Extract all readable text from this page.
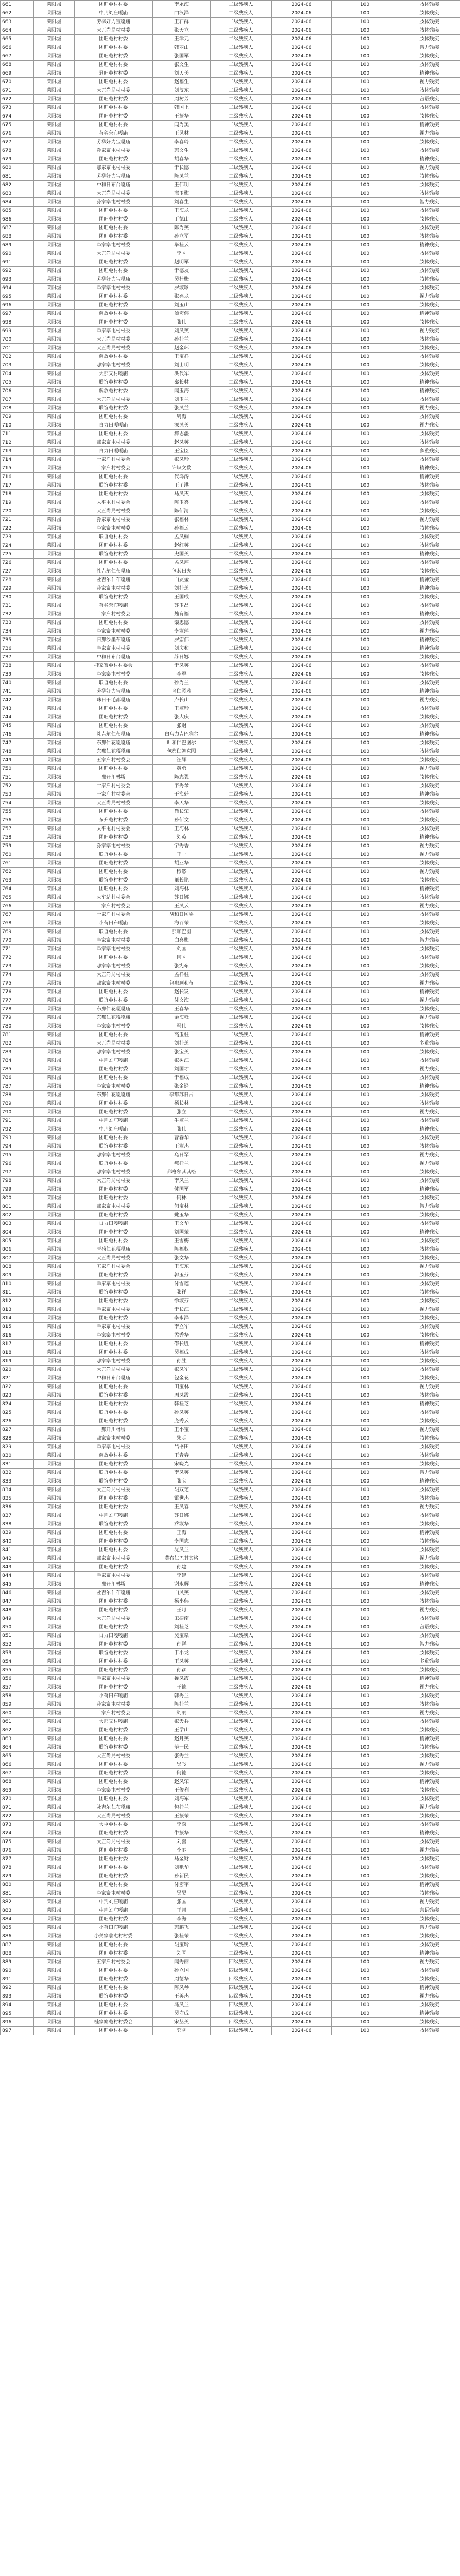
661	莱阳城	团旺屯村村委	李永海	二级残疾人	2024-06	100	肢体残疾
662	莱阳城	中荆刘庄嘎庙	曲汉泽	二级残疾人	2024-06	100	肢体残疾
663	莱阳城	芳柳好力宝嘎庙	王石群	二级残疾人	2024-06	100	肢体残疾
664	莱阳城	大五尚局村村委	张天立	二级残疾人	2024-06	100	肢体残疾
665	莱阳城	团旺屯村村委	王津元	二级残疾人	2024-06	100	肢体残疾
666	莱阳城	团旺屯村村委	韩丽山	二级残疾人	2024-06	100	智力残疾
667	莱阳城	团旺屯村村委	张国军	二级残疾人	2024-06	100	肢体残疾
668	莱阳城	团旺屯村村委	张文生	二级残疾人	2024-06	100	肢体残疾
669	莱阳城	冠旺屯村村委	刘天美	二级残疾人	2024-06	100	精神残疾
670	莱阳城	团旺屯村村委	赵福生	二级残疾人	2024-06	100	视力残疾
671	莱阳城	大五尚局村村委	刘汉东	二级残疾人	2024-06	100	肢体残疾
672	莱阳城	团旺屯村村委	周树芳	二级残疾人	2024-06	100	言语残疾
673	莱阳城	团旺屯村村委	韩国上	二级残疾人	2024-06	100	肢体残疾
674	莱阳城	团旺屯村村委	王振华	二级残疾人	2024-06	100	肢体残疾
675	莱阳城	团旺屯村村委	闫秀美	二级残疾人	2024-06	100	精神残疾
676	莱阳城	荷谷套布嘎庙	王风林	二级残疾人	2024-06	100	视力残疾
677	莱阳城	芳柳好力宝嘎庙	李春玲	二级残疾人	2024-06	100	肢体残疾
678	莱阳城	孙家寨屯村村委	郭文生	二级残疾人	2024-06	100	肢体残疾
679	莱阳城	团旺屯村村委	胡春华	二级残疾人	2024-06	100	精神残疾
680	莱阳城	那家寨屯村村委	于长德	二级残疾人	2024-06	100	视力残疾
681	莱阳城	芳柳好力宝嘎庙	陈凤兰	二级残疾人	2024-06	100	肢体残疾
682	莱阳城	中和日布台嘎庙	王伟明	二级残疾人	2024-06	100	肢体残疾
683	莱阳城	大五尚局村村委	邢玉梅	二级残疾人	2024-06	100	肢体残疾
684	莱阳城	孙家寨屯村村委	刘春生	二级残疾人	2024-06	100	智力残疾
685	莱阳城	团旺屯村村委	王海龙	二级残疾人	2024-06	100	肢体残疾
686	莱阳城	团旺屯村村委	于德山	二级残疾人	2024-06	100	肢体残疾
687	莱阳城	团旺屯村村委	陈秀英	二级残疾人	2024-06	100	肢体残疾
688	莱阳城	团旺屯村村委	孙立军	二级残疾人	2024-06	100	肢体残疾
689	莱阳城	阜家寨屯村村委	毕桂云	二级残疾人	2024-06	100	精神残疾
690	莱阳城	大五尚局村村委	李国	二级残疾人	2024-06	100	肢体残疾
691	莱阳城	团旺屯村村委	赵明军	二级残疾人	2024-06	100	肢体残疾
692	莱阳城	团旺屯村村委	于德友	二级残疾人	2024-06	100	肢体残疾
693	莱阳城	芳柳好力宝嘎庙	吴桂梅	二级残疾人	2024-06	100	肢体残疾
694	莱阳城	阜家寨屯村村委	罗淑珍	二级残疾人	2024-06	100	肢体残疾
695	莱阳城	团旺屯村村委	张兴龙	二级残疾人	2024-06	100	视力残疾
696	莱阳城	团旺屯村村委	刘玉山	二级残疾人	2024-06	100	肢体残疾
697	莱阳城	解放屯村村委	侯宏伟	二级残疾人	2024-06	100	精神残疾
698	莱阳城	团旺屯村村委	张伟	二级残疾人	2024-06	100	肢体残疾
699	莱阳城	阜家寨屯村村委	刘凤英	二级残疾人	2024-06	100	视力残疾
700	莱阳城	大五尚局村村委	孙桂兰	二级残疾人	2024-06	100	肢体残疾
701	莱阳城	大五尚局村村委	赵金环	二级残疾人	2024-06	100	肢体残疾
702	莱阳城	解放屯村村委	王宝祥	二级残疾人	2024-06	100	肢体残疾
703	莱阳城	那家寨屯村村委	刘士明	二级残疾人	2024-06	100	肢体残疾
704	莱阳城	大那艾村嘎庙	洪代军	二级残疾人	2024-06	100	肢体残疾
705	莱阳城	联谊屯村村委	秦长林	二级残疾人	2024-06	100	精神残疾
706	莱阳城	解放屯村村委	闫玉海	二级残疾人	2024-06	100	精神残疾
707	莱阳城	大五尚局村村委	刘玉兰	二级残疾人	2024-06	100	肢体残疾
708	莱阳城	联谊屯村村委	张凤兰	二级残疾人	2024-06	100	视力残疾
709	莱阳城	团旺屯村村委	周海	二级残疾人	2024-06	100	肢体残疾
710	莱阳城	白力日嘎嘎庙	漆凤英	二级残疾人	2024-06	100	视力残疾
711	莱阳城	团旺屯村村委	郝志疆	二级残疾人	2024-06	100	肢体残疾
712	莱阳城	那家寨屯村村委	赵凤英	二级残疾人	2024-06	100	肢体残疾
713	莱阳城	白力日嘎嘎庙	王宝臣	二级残疾人	2024-06	100	多重残疾
714	莱阳城	十家户村村委会	张凤珍	二级残疾人	2024-06	100	肢体残疾
715	莱阳城	十家户村村委会	许缺文数	二级残疾人	2024-06	100	精神残疾
716	莱阳城	团旺屯村村委	代鸿涛	二级残疾人	2024-06	100	精神残疾
717	莱阳城	联谊屯村村委	王子洪	二级残疾人	2024-06	100	肢体残疾
718	莱阳城	团旺屯村村委	马凤杰	二级残疾人	2024-06	100	肢体残疾
719	莱阳城	太平屯村村委会	陈玉喜	二级残疾人	2024-06	100	肢体残疾
720	莱阳城	大五尚局村村委	陈佰清	二级残疾人	2024-06	100	肢体残疾
721	莱阳城	孙家寨屯村村委	张福林	二级残疾人	2024-06	100	视力残疾
722	莱阳城	阜家寨屯村村委	孙福云	二级残疾人	2024-06	100	肢体残疾
723	莱阳城	联谊屯村村委	孟凤桐	二级残疾人	2024-06	100	肢体残疾
724	莱阳城	团旺屯村村委	赵红英	二级残疾人	2024-06	100	肢体残疾
725	莱阳城	联谊屯村村委	史国英	二级残疾人	2024-06	100	精神残疾
726	莱阳城	团旺屯村村委	孟凤芹	二级残疾人	2024-06	100	肢体残疾
727	莱阳城	社吉尔仁布嘎庙	包其日夫	二级残疾人	2024-06	100	肢体残疾
728	莱阳城	社吉尔仁布嘎庙	白友金	二级残疾人	2024-06	100	精神残疾
729	莱阳城	孙家寨屯村村委	刘桂芝	二级残疾人	2024-06	100	精神残疾
730	莱阳城	联谊屯村村委	王国成	二级残疾人	2024-06	100	肢体残疾
731	莱阳城	荷谷套布嘎庙	苏玉昌	二级残疾人	2024-06	100	肢体残疾
732	莱阳城	十家户村村委会	魏有福	二级残疾人	2024-06	100	精神残疾
733	莱阳城	团旺屯村村委	秦忠德	二级残疾人	2024-06	100	肢体残疾
734	莱阳城	阜家寨屯村村委	李淑萍	二级残疾人	2024-06	100	视力残疾
735	莱阳城	日那沙墨布嘎庙	罗宏伟	二级残疾人	2024-06	100	精神残疾
736	莱阳城	阜家寨屯村村委	刘庆和	二级残疾人	2024-06	100	精神残疾
737	莱阳城	中和日布台嘎庙	苏日娜	二级残疾人	2024-06	100	肢体残疾
738	莱阳城	桂家寨屯村村委会	于凤英	二级残疾人	2024-06	100	肢体残疾
739	莱阳城	阜家寨屯村村委	李军	二级残疾人	2024-06	100	肢体残疾
740	莱阳城	联谊屯村村委	孙秀兰	二级残疾人	2024-06	100	肢体残疾
741	莱阳城	芳柳好力宝嘎庙	乌仁图雅	二级残疾人	2024-06	100	精神残疾
742	莱阳城	珠日干毛都嘎庙	卢长山	二级残疾人	2024-06	100	视力残疾
743	莱阳城	团旺屯村村委	王淑珍	二级残疾人	2024-06	100	肢体残疾
744	莱阳城	团旺屯村村委	张大庆	二级残疾人	2024-06	100	肢体残疾
745	莱阳城	团旺屯村村委	张财	二级残疾人	2024-06	100	肢体残疾
746	莱阳城	社吉尔仁布嘎庙	白乌力吉巴雅尔	二级残疾人	2024-06	100	精神残疾
747	莱阳城	东那仁花嘎嘎庙	叶和仁巴图尔	二级残疾人	2024-06	100	肢体残疾
748	莱阳城	东那仁花嘎嘎庙	包都仁朝克图	二级残疾人	2024-06	100	肢体残疾
749	莱阳城	五家户村村委会	汪辉	二级残疾人	2024-06	100	肢体残疾
750	莱阳城	团旺屯村村委	黄勇	二级残疾人	2024-06	100	视力残疾
751	莱阳城	那开川林场	陈志强	二级残疾人	2024-06	100	肢体残疾
752	莱阳城	十家户村村委会	宇秀琴	二级残疾人	2024-06	100	肢体残疾
753	莱阳城	十家户村村委会	于海廷	二级残疾人	2024-06	100	精神残疾
754	莱阳城	大五尚局村村委	李天华	二级残疾人	2024-06	100	肢体残疾
755	莱阳城	团旺屯村村委	肖长荣	二级残疾人	2024-06	100	肢体残疾
756	莱阳城	东升屯村村委	孙佰文	二级残疾人	2024-06	100	肢体残疾
757	莱阳城	太平屯村村委会	王海林	二级残疾人	2024-06	100	肢体残疾
758	莱阳城	团旺屯村村委	刘英	二级残疾人	2024-06	100	精神残疾
759	莱阳城	孙家寨屯村村委	宇秀香	二级残疾人	2024-06	100	视力残疾
760	莱阳城	联谊屯村村委	王一	二级残疾人	2024-06	100	视力残疾
761	莱阳城	团旺屯村村委	胡亚华	二级残疾人	2024-06	100	肢体残疾
762	莱阳城	团旺屯村村委	穆然	二级残疾人	2024-06	100	视力残疾
763	莱阳城	联谊屯村村委	董长艳	二级残疾人	2024-06	100	肢体残疾
764	莱阳城	团旺屯村村委	刘海林	二级残疾人	2024-06	100	精神残疾
765	莱阳城	火车站村村委会	苏日娜	二级残疾人	2024-06	100	肢体残疾
766	莱阳城	十家户村村委会	王凤云	二级残疾人	2024-06	100	视力残疾
767	莱阳城	十家户村村委会	胡和日图鲁	二级残疾人	2024-06	100	肢体残疾
768	莱阳城	小荷日布嘎庙	海百荣	二级残疾人	2024-06	100	肢体残疾
769	莱阳城	联谊屯村村委	那顺巴图	二级残疾人	2024-06	100	肢体残疾
770	莱阳城	阜家寨屯村村委	白喜梅	二级残疾人	2024-06	100	智力残疾
771	莱阳城	阜家寨屯村村委	刘国	二级残疾人	2024-06	100	肢体残疾
772	莱阳城	团旺屯村村委	何国	二级残疾人	2024-06	100	肢体残疾
773	莱阳城	那家寨屯村村委	张宪东	二级残疾人	2024-06	100	肢体残疾
774	莱阳城	大五尚局村村委	孟祥柱	二级残疾人	2024-06	100	肢体残疾
775	莱阳城	那家寨屯村村委	包那顺和布	二级残疾人	2024-06	100	视力残疾
776	莱阳城	团旺屯村村委	赵长发	二级残疾人	2024-06	100	精神残疾
777	莱阳城	联谊屯村村委	付文海	二级残疾人	2024-06	100	视力残疾
778	莱阳城	东那仁花嘎嘎庙	王春华	二级残疾人	2024-06	100	肢体残疾
779	莱阳城	东那仁花嘎嘎庙	金海峰	二级残疾人	2024-06	100	视力残疾
780	莱阳城	阜家寨屯村村委	马伟	二级残疾人	2024-06	100	肢体残疾
781	莱阳城	团旺屯村村委	高玉柱	二级残疾人	2024-06	100	精神残疾
782	莱阳城	大五尚局村村委	刘桂芝	二级残疾人	2024-06	100	多重残疾
783	莱阳城	那家寨屯村村委	张宝英	二级残疾人	2024-06	100	肢体残疾
784	莱阳城	中荆刘庄嘎庙	张树江	二级残疾人	2024-06	100	肢体残疾
785	莱阳城	团旺屯村村委	刘国才	二级残疾人	2024-06	100	视力残疾
786	莱阳城	团旺屯村村委	于福成	二级残疾人	2024-06	100	肢体残疾
787	莱阳城	阜家寨屯村村委	张金铎	二级残疾人	2024-06	100	精神残疾
788	莱阳城	东那仁花嘎嘎庙	李都苏日古	二级残疾人	2024-06	100	肢体残疾
789	莱阳城	团旺屯村村委	杨长林	二级残疾人	2024-06	100	肢体残疾
790	莱阳城	团旺屯村村委	张立	二级残疾人	2024-06	100	视力残疾
791	莱阳城	中荆刘庄嘎庙	牛淑兰	二级残疾人	2024-06	100	肢体残疾
792	莱阳城	中荆刘庄嘎庙	张伟	二级残疾人	2024-06	100	精神残疾
793	莱阳城	团旺屯村村委	曹春华	二级残疾人	2024-06	100	肢体残疾
794	莱阳城	联谊屯村村委	王淑杰	二级残疾人	2024-06	100	肢体残疾
795	莱阳城	那家寨屯村村委	乌日罕	二级残疾人	2024-06	100	视力残疾
796	莱阳城	联谊屯村村委	郝桂兰	二级残疾人	2024-06	100	视力残疾
797	莱阳城	那家寨屯村村委	都格尔其其格	二级残疾人	2024-06	100	肢体残疾
798	莱阳城	大五尚局村村委	李凤兰	二级残疾人	2024-06	100	肢体残疾
799	莱阳城	团旺屯村村委	付国军	二级残疾人	2024-06	100	精神残疾
800	莱阳城	团旺屯村村委	何林	二级残疾人	2024-06	100	肢体残疾
801	莱阳城	那家寨屯村村委	何宝林	二级残疾人	2024-06	100	智力残疾
802	莱阳城	团旺屯村村委	姚玉华	二级残疾人	2024-06	100	肢体残疾
803	莱阳城	白力日嘎嘎庙	王文华	二级残疾人	2024-06	100	肢体残疾
804	莱阳城	团旺屯村村委	刘国荣	二级残疾人	2024-06	100	精神残疾
805	莱阳城	团旺屯村村委	王雪梅	二级残疾人	2024-06	100	肢体残疾
806	莱阳城	青荷仁花嘎嘎庙	陈福权	二级残疾人	2024-06	100	肢体残疾
807	莱阳城	大五尚局村村委	张文华	二级残疾人	2024-06	100	肢体残疾
808	莱阳城	五家户村村委会	王海东	二级残疾人	2024-06	100	视力残疾
809	莱阳城	团旺屯村村委	郭玉芬	二级残疾人	2024-06	100	肢体残疾
810	莱阳城	阜家寨屯村村委	付雪莲	二级残疾人	2024-06	100	肢体残疾
811	莱阳城	联谊屯村村委	张祥	二级残疾人	2024-06	100	肢体残疾
812	莱阳城	团旺屯村村委	徐淑芬	二级残疾人	2024-06	100	肢体残疾
813	莱阳城	阜家寨屯村村委	于长江	二级残疾人	2024-06	100	视力残疾
814	莱阳城	团旺屯村村委	李永泽	二级残疾人	2024-06	100	肢体残疾
815	莱阳城	阜家寨屯村村委	李立军	二级残疾人	2024-06	100	肢体残疾
816	莱阳城	阜家寨屯村村委	孟秀华	二级残疾人	2024-06	100	肢体残疾
817	莱阳城	团旺屯村村委	邵长胜	二级残疾人	2024-06	100	精神残疾
818	莱阳城	团旺屯村村委	吴福成	二级残疾人	2024-06	100	肢体残疾
819	莱阳城	那家寨屯村村委	孙胜	二级残疾人	2024-06	100	肢体残疾
820	莱阳城	大五尚局村村委	张凤军	二级残疾人	2024-06	100	肢体残疾
821	莱阳城	中和日布台嘎庙	包金花	二级残疾人	2024-06	100	肢体残疾
822	莱阳城	团旺屯村村委	田宝林	二级残疾人	2024-06	100	视力残疾
823	莱阳城	联谊屯村村委	周凤霞	二级残疾人	2024-06	100	肢体残疾
824	莱阳城	团旺屯村村委	韩桂芝	二级残疾人	2024-06	100	精神残疾
825	莱阳城	联谊屯村村委	孙凤英	二级残疾人	2024-06	100	肢体残疾
826	莱阳城	团旺屯村村委	庞秀云	二级残疾人	2024-06	100	肢体残疾
827	莱阳城	那开川林场	王小宝	二级残疾人	2024-06	100	视力残疾
828	莱阳城	那家寨屯村村委	朱明	二级残疾人	2024-06	100	肢体残疾
829	莱阳城	阜家寨屯村村委	吕书田	二级残疾人	2024-06	100	肢体残疾
830	莱阳城	解放屯村村委	王青春	二级残疾人	2024-06	100	肢体残疾
831	莱阳城	团旺屯村村委	宋晓光	二级残疾人	2024-06	100	肢体残疾
832	莱阳城	联谊屯村村委	李凤英	二级残疾人	2024-06	100	智力残疾
833	莱阳城	联谊屯村村委	张宝	二级残疾人	2024-06	100	精神残疾
834	莱阳城	大五尚局村村委	胡双芝	二级残疾人	2024-06	100	肢体残疾
835	莱阳城	团旺屯村村委	霍世杰	二级残疾人	2024-06	100	肢体残疾
836	莱阳城	团旺屯村村委	王凤春	二级残疾人	2024-06	100	视力残疾
837	莱阳城	中荆刘庄嘎庙	苏日娜	二级残疾人	2024-06	100	肢体残疾
838	莱阳城	联谊屯村村委	乔淑华	二级残疾人	2024-06	100	肢体残疾
839	莱阳城	团旺屯村村委	王海	二级残疾人	2024-06	100	精神残疾
840	莱阳城	团旺屯村村委	李国志	二级残疾人	2024-06	100	肢体残疾
841	莱阳城	团旺屯村村委	沈凤兰	二级残疾人	2024-06	100	肢体残疾
842	莱阳城	那家寨屯村村委	黄布仁巴其其格	二级残疾人	2024-06	100	视力残疾
843	莱阳城	团旺屯村村委	孙建	二级残疾人	2024-06	100	肢体残疾
844	莱阳城	阜家寨屯村村委	李建	二级残疾人	2024-06	100	肢体残疾
845	莱阳城	那开川林场	谢永辉	二级残疾人	2024-06	100	精神残疾
846	莱阳城	社吉尔仁布嘎庙	白风英	二级残疾人	2024-06	100	肢体残疾
847	莱阳城	团旺屯村村委	杨小伟	二级残疾人	2024-06	100	肢体残疾
848	莱阳城	团旺屯村村委	王月	二级残疾人	2024-06	100	视力残疾
849	莱阳城	大五尚局村村委	宋振南	二级残疾人	2024-06	100	肢体残疾
850	莱阳城	团旺屯村村委	刘桂芝	二级残疾人	2024-06	100	言语残疾
851	莱阳城	白力日嘎嘎庙	吴宝泉	二级残疾人	2024-06	100	肢体残疾
852	莱阳城	团旺屯村村委	孙鹏	二级残疾人	2024-06	100	智力残疾
853	莱阳城	联谊屯村村委	于小龙	二级残疾人	2024-06	100	肢体残疾
854	莱阳城	团旺屯村村委	王凤英	二级残疾人	2024-06	100	多重残疾
855	莱阳城	团旺屯村村委	孙颖	二级残疾人	2024-06	100	肢体残疾
856	莱阳城	阜家寨屯村村委	鲁凤霞	二级残疾人	2024-06	100	精神残疾
857	莱阳城	团旺屯村村委	王德	二级残疾人	2024-06	100	视力残疾
858	莱阳城	小荷日布嘎庙	韩秀兰	二级残疾人	2024-06	100	肢体残疾
859	莱阳城	孙家寨屯村村委	陈桂兰	二级残疾人	2024-06	100	肢体残疾
860	莱阳城	十家户村村委会	刘丽	二级残疾人	2024-06	100	视力残疾
861	莱阳城	大那艾村嘎庙	张天兵	二级残疾人	2024-06	100	肢体残疾
862	莱阳城	团旺屯村村委	王学山	二级残疾人	2024-06	100	肢体残疾
863	莱阳城	团旺屯村村委	赵月英	二级残疾人	2024-06	100	精神残疾
864	莱阳城	联谊屯村村委	范一民	二级残疾人	2024-06	100	肢体残疾
865	莱阳城	大五尚局村村委	张秀兰	二级残疾人	2024-06	100	肢体残疾
866	莱阳城	团旺屯村村委	吴飞	二级残疾人	2024-06	100	视力残疾
867	莱阳城	团旺屯村村委	何德	二级残疾人	2024-06	100	肢体残疾
868	莱阳城	团旺屯村村委	赵凤荣	二级残疾人	2024-06	100	精神残疾
869	莱阳城	阜家寨屯村村委	王俊利	二级残疾人	2024-06	100	肢体残疾
870	莱阳城	团旺屯村村委	刘海军	二级残疾人	2024-06	100	肢体残疾
871	莱阳城	社吉尔仁布嘎庙	包桂兰	二级残疾人	2024-06	100	视力残疾
872	莱阳城	大五尚局村村委	王振荣	二级残疾人	2024-06	100	肢体残疾
873	莱阳城	大屯屯村村委	李双	二级残疾人	2024-06	100	肢体残疾
874	莱阳城	团旺屯村村委	牛振华	二级残疾人	2024-06	100	精神残疾
875	莱阳城	大五尚局村村委	刘喜	二级残疾人	2024-06	100	肢体残疾
876	莱阳城	团旺屯村村委	李丽	二级残疾人	2024-06	100	视力残疾
877	莱阳城	团旺屯村村委	马金财	二级残疾人	2024-06	100	肢体残疾
878	莱阳城	团旺屯村村委	刘艳华	二级残疾人	2024-06	100	肢体残疾
879	莱阳城	团旺屯村村委	孙新民	二级残疾人	2024-06	100	肢体残疾
880	莱阳城	团旺屯村村委	付宏宇	二级残疾人	2024-06	100	精神残疾
881	莱阳城	阜家寨屯村村委	吴昊	二级残疾人	2024-06	100	肢体残疾
882	莱阳城	中荆刘庄嘎庙	张国	二级残疾人	2024-06	100	视力残疾
883	莱阳城	中荆刘庄嘎庙	王月	二级残疾人	2024-06	100	言语残疾
884	莱阳城	团旺屯村村委	李海	二级残疾人	2024-06	100	肢体残疾
885	莱阳城	小荷日布嘎庙	郭鹏飞	二级残疾人	2024-06	100	智力残疾
886	莱阳城	小关家寨屯村村委	张桂荣	二级残疾人	2024-06	100	肢体残疾
887	莱阳城	团旺屯村村委	胡宝玲	二级残疾人	2024-06	100	肢体残疾
888	莱阳城	团旺屯村村委	刘国	二级残疾人	2024-06	100	精神残疾
889	莱阳城	五家户村村委会	闫秀丽	四级残疾人	2024-06	100	视力残疾
890	莱阳城	团旺屯村村委	孙立国	四级残疾人	2024-06	100	肢体残疾
891	莱阳城	团旺屯村村委	周德华	四级残疾人	2024-06	100	肢体残疾
892	莱阳城	团旺屯村村委	陈凤琴	四级残疾人	2024-06	100	精神残疾
893	莱阳城	联谊屯村村委	王英杰	四级残疾人	2024-06	100	视力残疾
894	莱阳城	团旺屯村村委	冯凤兰	四级残疾人	2024-06	100	肢体残疾
895	莱阳城	团旺屯村村委	吴守成	四级残疾人	2024-06	100	精神残疾
896	莱阳城	桂家寨屯村村委会	宋丛英	四级残疾人	2024-06	100	肢体残疾
897	莱阳城	团旺屯村村委	郭刚	四级残疾人	2024-06	100	肢体残疾
